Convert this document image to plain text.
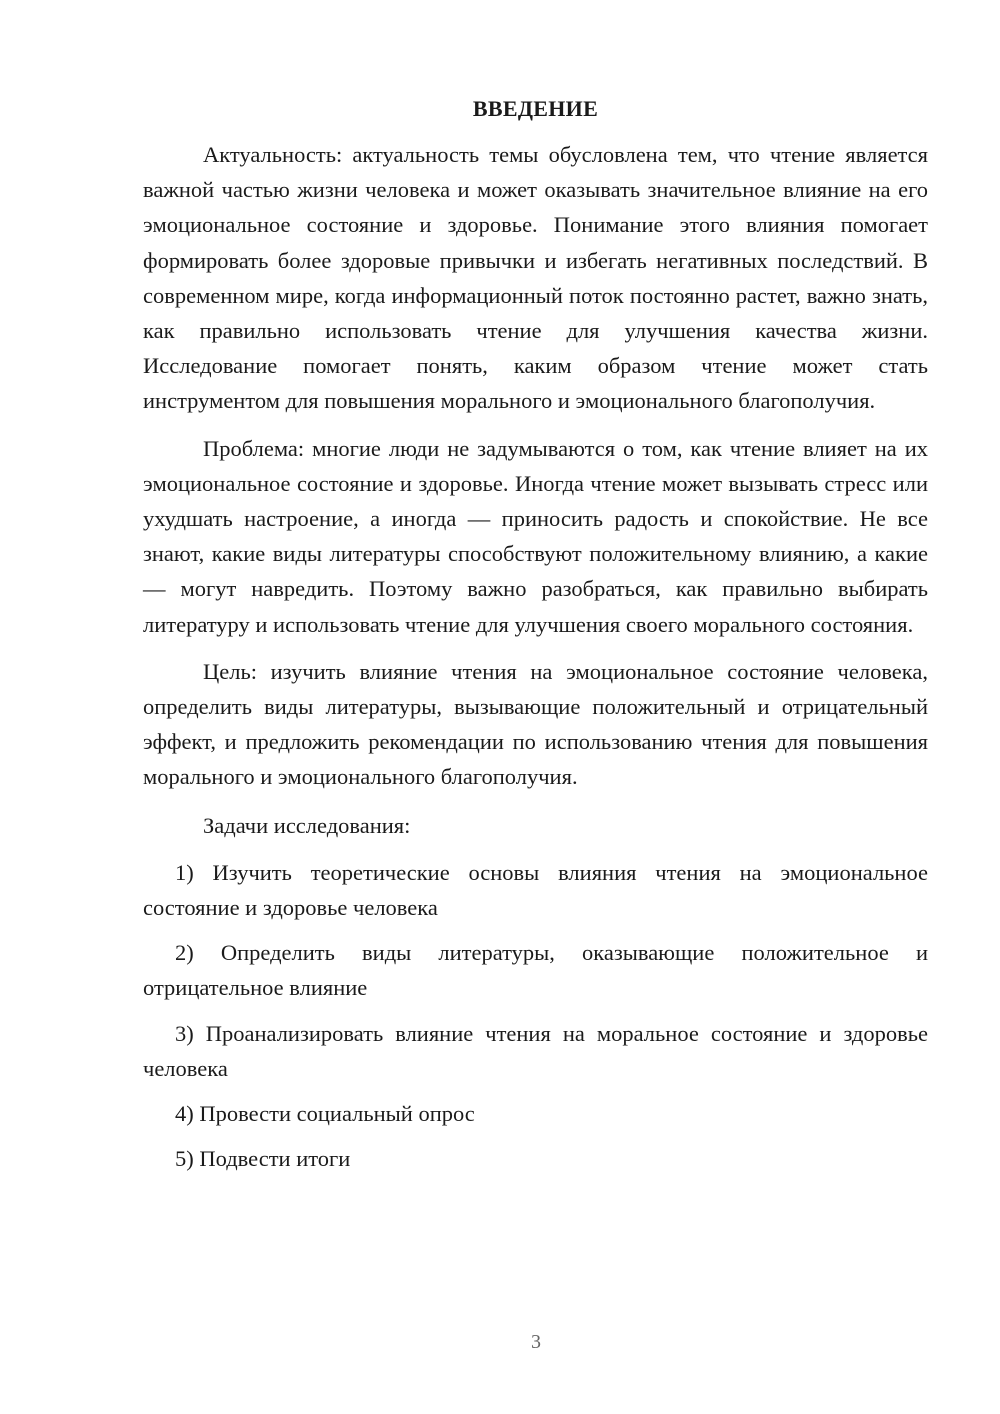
ВВЕДЕНИЕ

Актуальность: актуальность темы обусловлена тем, что чтение является важной частью жизни человека и может оказывать значительное влияние на его эмоциональное состояние и здоровье. Понимание этого влияния помогает формировать более здоровые привычки и избегать негативных последствий. В современном мире, когда информационный поток постоянно растет, важно знать, как правильно использовать чтение для улучшения качества жизни. Исследование помогает понять, каким образом чтение может стать инструментом для повышения морального и эмоционального благополучия.

Проблема: многие люди не задумываются о том, как чтение влияет на их эмоциональное состояние и здоровье. Иногда чтение может вызывать стресс или ухудшать настроение, а иногда — приносить радость и спокойствие. Не все знают, какие виды литературы способствуют положительному влиянию, а какие — могут навредить. Поэтому важно разобраться, как правильно выбирать литературу и использовать чтение для улучшения своего морального состояния.

Цель: изучить влияние чтения на эмоциональное состояние человека, определить виды литературы, вызывающие положительный и отрицательный эффект, и предложить рекомендации по использованию чтения для повышения морального и эмоционального благополучия.

Задачи исследования:

1) Изучить теоретические основы влияния чтения на эмоциональное состояние и здоровье человека
2) Определить виды литературы, оказывающие положительное и отрицательное влияние
3) Проанализировать влияние чтения на моральное состояние и здоровье человека
4) Провести социальный опрос
5) Подвести итоги
3
